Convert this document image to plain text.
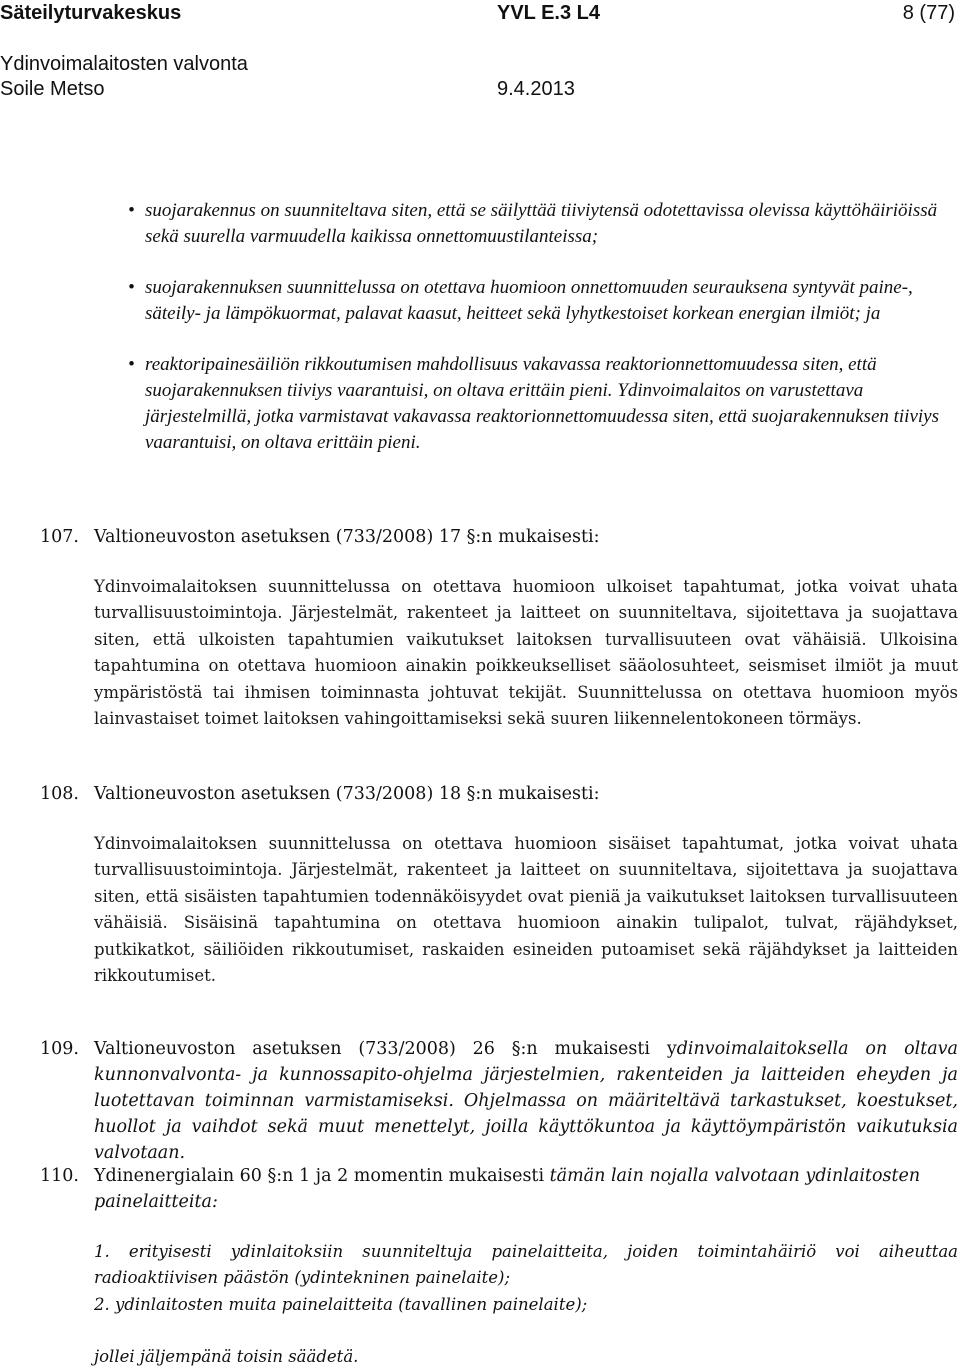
Säteilyturvakeskus	YVL E.3 L4	8 (77)
Ydinvoimalaitosten valvonta
Soile Metso	9.4.2013
• suojarakennus on suunniteltava siten, että se säilyttää tiiviytensä odotettavissa olevissa käyttöhäiriöissä sekä suurella varmuudella kaikissa onnettomuustilanteissa;
• suojarakennuksen suunnittelussa on otettava huomioon onnettomuuden seurauksena syntyvät paine-, säteily- ja lämpökuormat, palavat kaasut, heitteet sekä lyhytkestoiset korkean energian ilmiöt; ja
• reaktoripainesäiliön rikkoutumisen mahdollisuus vakavassa reaktorionnettomuudessa siten, että suojarakennuksen tiiviys vaarantuisi, on oltava erittäin pieni. Ydinvoimalaitos on varustettava järjestelmillä, jotka varmistavat vakavassa reaktorionnettomuudessa siten, että suojarakennuksen tiiviys vaarantuisi, on oltava erittäin pieni.
107. Valtioneuvoston asetuksen (733/2008) 17 §:n mukaisesti:
Ydinvoimalaitoksen suunnittelussa on otettava huomioon ulkoiset tapahtumat, jotka voivat uhata turvallisuustoimintoja. Järjestelmät, rakenteet ja laitteet on suunniteltava, sijoitettava ja suojattava siten, että ulkoisten tapahtumien vaikutukset laitoksen turvallisuuteen ovat vähäisiä. Ulkoisina tapahtumina on otettava huomioon ainakin poikkeukselliset sääolosuhteet, seismiset ilmiöt ja muut ympäristöstä tai ihmisen toiminnasta johtuvat tekijät. Suunnittelussa on otettava huomioon myös lainvastaiset toimet laitoksen vahingoittamiseksi sekä suuren liikennelentokoneen törmäys.
108. Valtioneuvoston asetuksen (733/2008) 18 §:n mukaisesti:
Ydinvoimalaitoksen suunnittelussa on otettava huomioon sisäiset tapahtumat, jotka voivat uhata turvallisuustoimintoja. Järjestelmät, rakenteet ja laitteet on suunniteltava, sijoitettava ja suojattava siten, että sisäisten tapahtumien todennäköisyydet ovat pieniä ja vaikutukset laitoksen turvallisuuteen vähäisiä. Sisäisinä tapahtumina on otettava huomioon ainakin tulipalot, tulvat, räjähdykset, putkikatkot, säiliöiden rikkoutumiset, raskaiden esineiden putoamiset sekä räjähdykset ja laitteiden rikkoutumiset.
109. Valtioneuvoston asetuksen (733/2008) 26 §:n mukaisesti ydinvoimalaitoksella on oltava kunnonvalvonta- ja kunnossapito-ohjelma järjestelmien, rakenteiden ja laitteiden eheyden ja luotettavan toiminnan varmistamiseksi. Ohjelmassa on määriteltävä tarkastukset, koestukset, huollot ja vaihdot sekä muut menettelyt, joilla käyttökuntoa ja käyttöympäristön vaikutuksia valvotaan.
110. Ydinenergialain 60 §:n 1 ja 2 momentin mukaisesti tämän lain nojalla valvotaan ydinlaitosten painelaitteita:
1. erityisesti ydinlaitoksiin suunniteltuja painelaitteita, joiden toimintahäiriö voi aiheuttaa radioaktiivisen päästön (ydintekninen painelaite);
2. ydinlaitosten muita painelaitteita (tavallinen painelaite);
jollei jäljempänä toisin säädetä.
